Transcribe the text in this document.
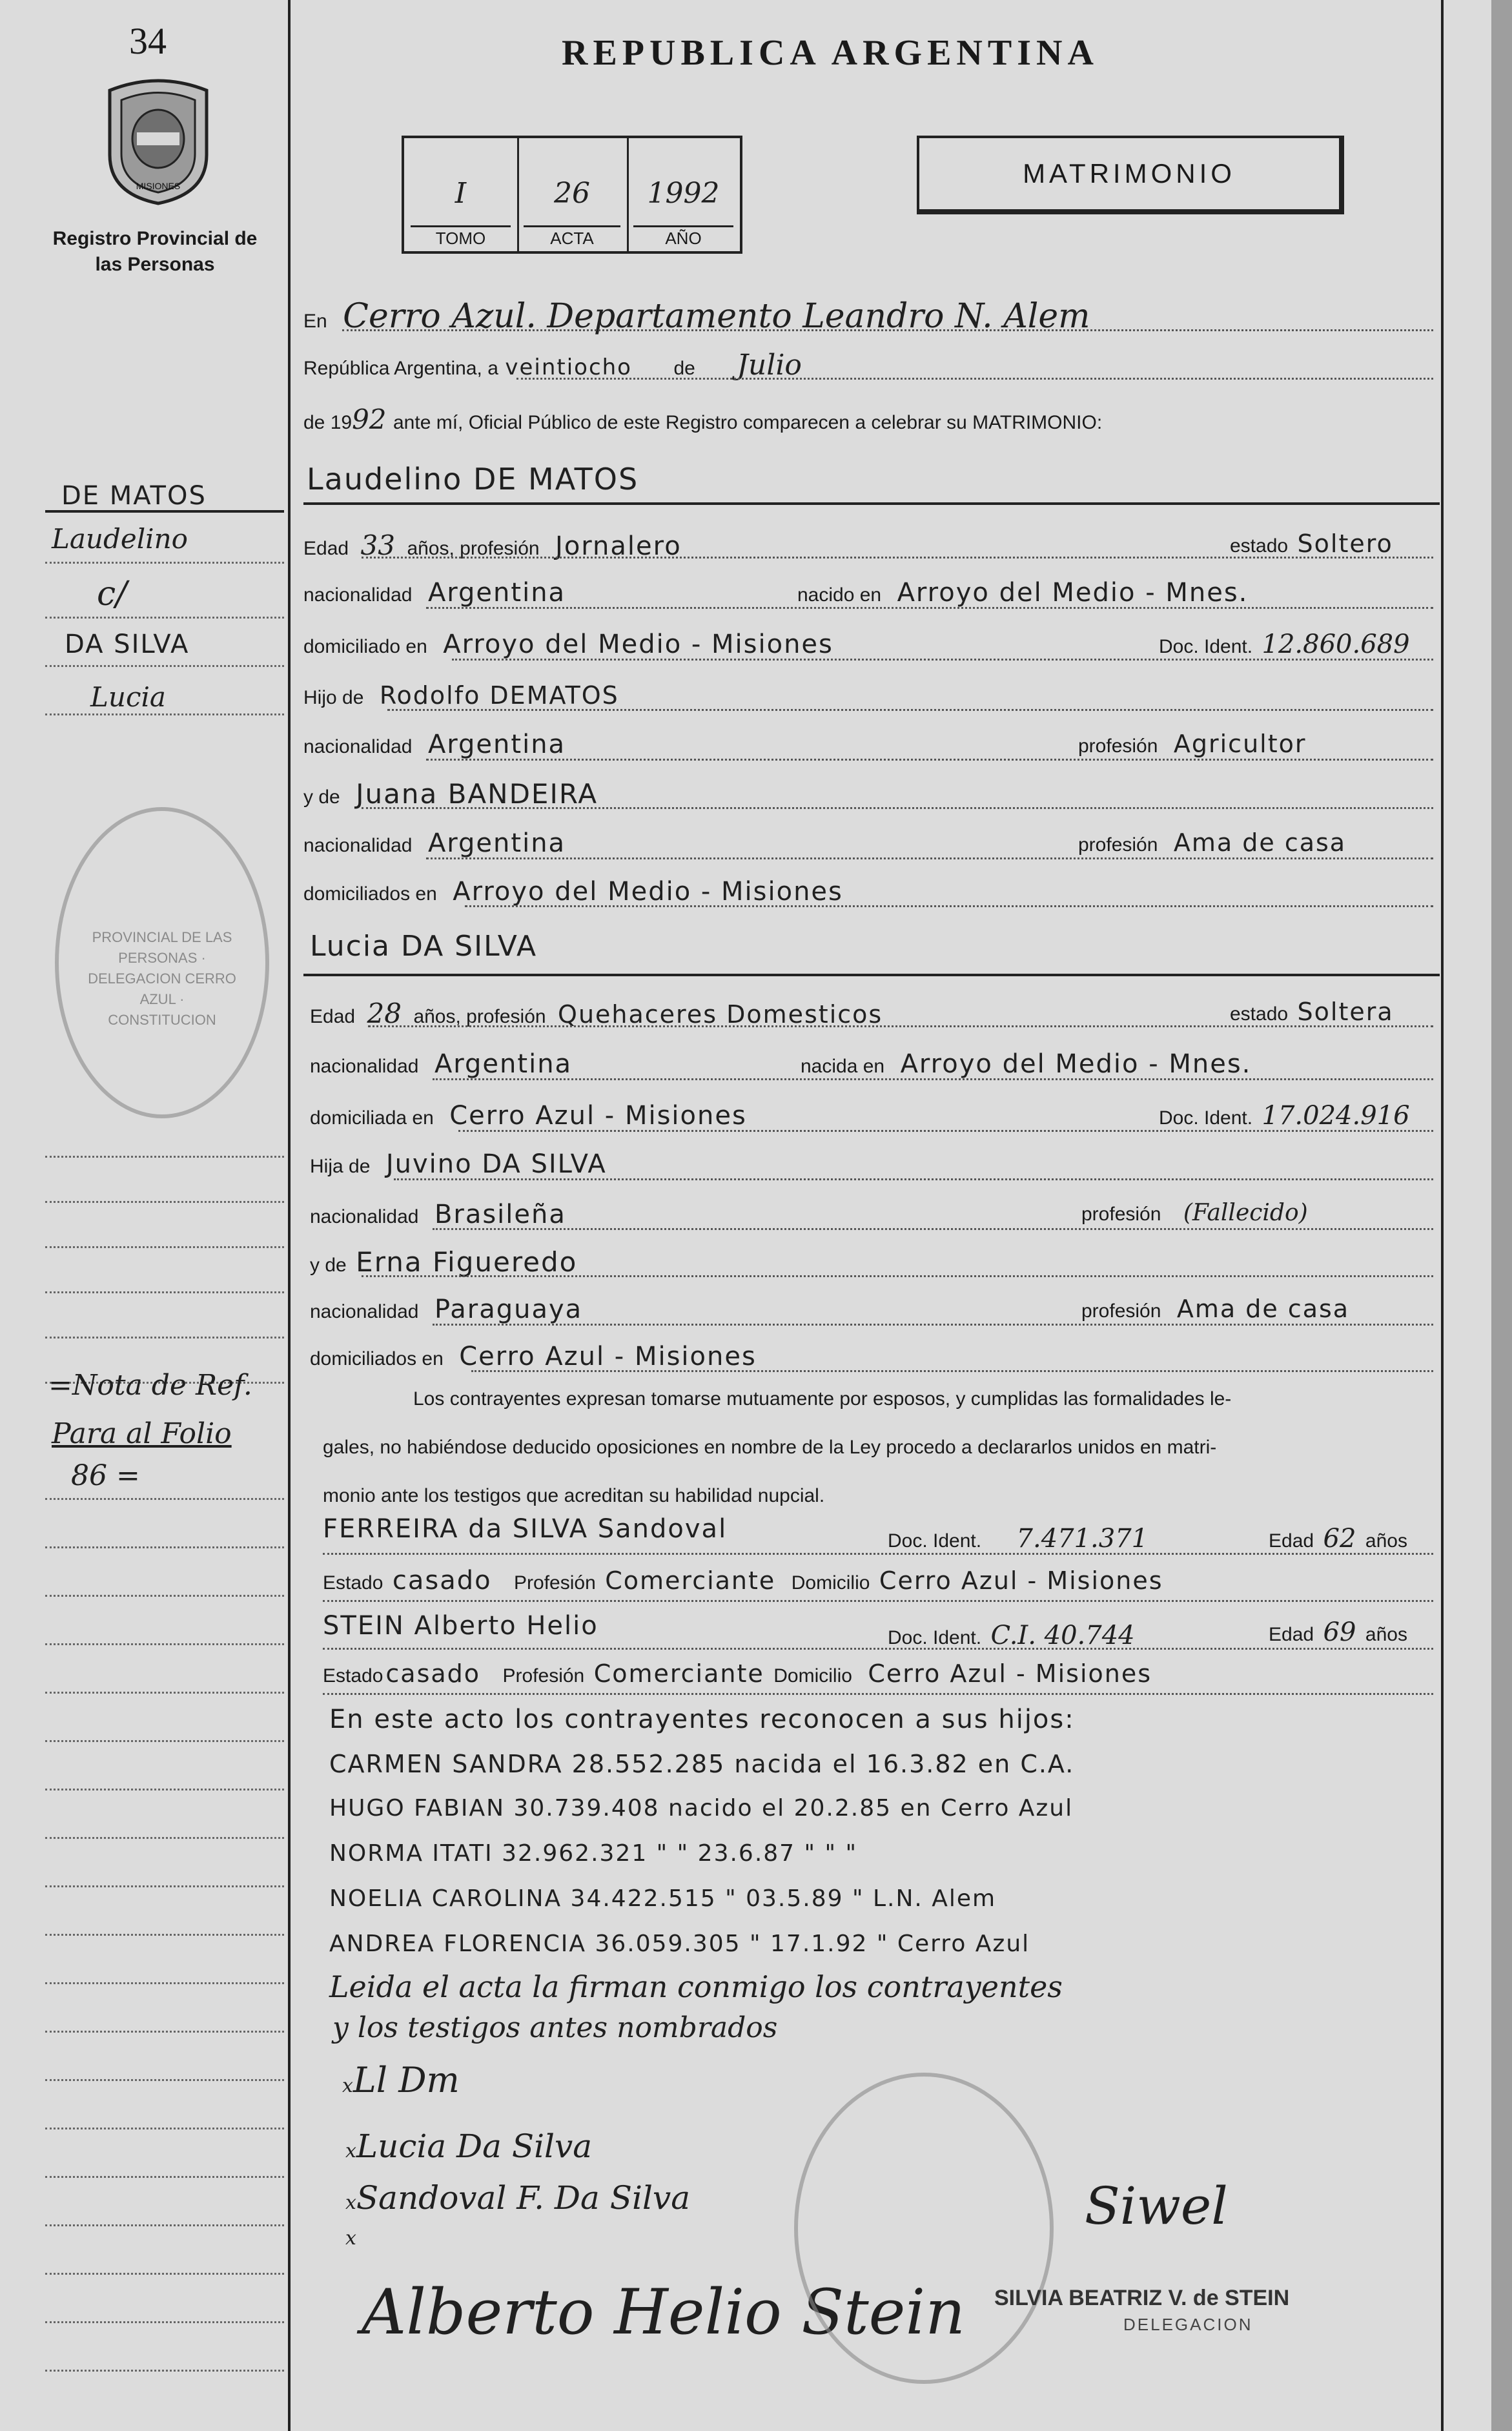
34
MISIONES
Registro Provincial de las Personas
DE MATOS
Laudelino
c/
DA SILVA
Lucia
PROVINCIAL DE LAS PERSONAS · DELEGACION CERRO AZUL · CONSTITUCION
=Nota de Ref.
Para al Folio
86 =
REPUBLICA ARGENTINA
I
TOMO
26
ACTA
1992
AÑO
MATRIMONIO
En Cerro Azul. Departamento Leandro N. Alem
República Argentina, a veintiocho de Julio
de 1992 ante mí, Oficial Público de este Registro comparecen a celebrar su MATRIMONIO:
Laudelino DE MATOS
Edad 33 años, profesión Jornalero	estado Soltero
nacionalidad Argentina	nacido en Arroyo del Medio - Mnes.
domiciliado en Arroyo del Medio - Misiones	Doc. Ident. 12.860.689
Hijo de Rodolfo DEMATOS
nacionalidad Argentina	profesión Agricultor
y de Juana BANDEIRA
nacionalidad Argentina	profesión Ama de casa
domiciliados en Arroyo del Medio - Misiones
Lucia DA SILVA
Edad 28 años, profesión Quehaceres Domesticos	estado Soltera
nacionalidad Argentina	nacida en Arroyo del Medio - Mnes.
domiciliada en Cerro Azul - Misiones	Doc. Ident. 17.024.916
Hija de Juvino DA SILVA
nacionalidad Brasileña	profesión (Fallecido)
y de Erna Figueredo
nacionalidad Paraguaya	profesión Ama de casa
domiciliados en Cerro Azul - Misiones
Los contrayentes expresan tomarse mutuamente por esposos, y cumplidas las formalidades le-
gales, no habiéndose deducido oposiciones en nombre de la Ley procedo a declararlos unidos en matri-
monio ante los testigos que acreditan su habilidad nupcial.
FERREIRA da SILVA Sandoval	Doc. Ident. 7.471.371	Edad 62 años
Estado casado Profesión Comerciante Domicilio Cerro Azul - Misiones
STEIN Alberto Helio	Doc. Ident. C.I. 40.744	Edad 69 años
Estado casado Profesión Comerciante Domicilio Cerro Azul - Misiones
En este acto los contrayentes reconocen a sus hijos:
CARMEN SANDRA 28.552.285 nacida el 16.3.82 en C.A.
HUGO FABIAN 30.739.408 nacido el 20.2.85 en Cerro Azul
NORMA ITATI 32.962.321 " " 23.6.87 " " "
NOELIA CAROLINA 34.422.515 " 03.5.89 " L.N. Alem
ANDREA FLORENCIA 36.059.305 " 17.1.92 " Cerro Azul
Leida el acta la firman conmigo los contrayentes
y los testigos antes nombrados
xLl Dm
xLucia Da Silva
xSandoval F. Da Silva
x
Alberto Helio Stein
Siwel
SILVIA BEATRIZ V. de STEIN
DELEGACION
